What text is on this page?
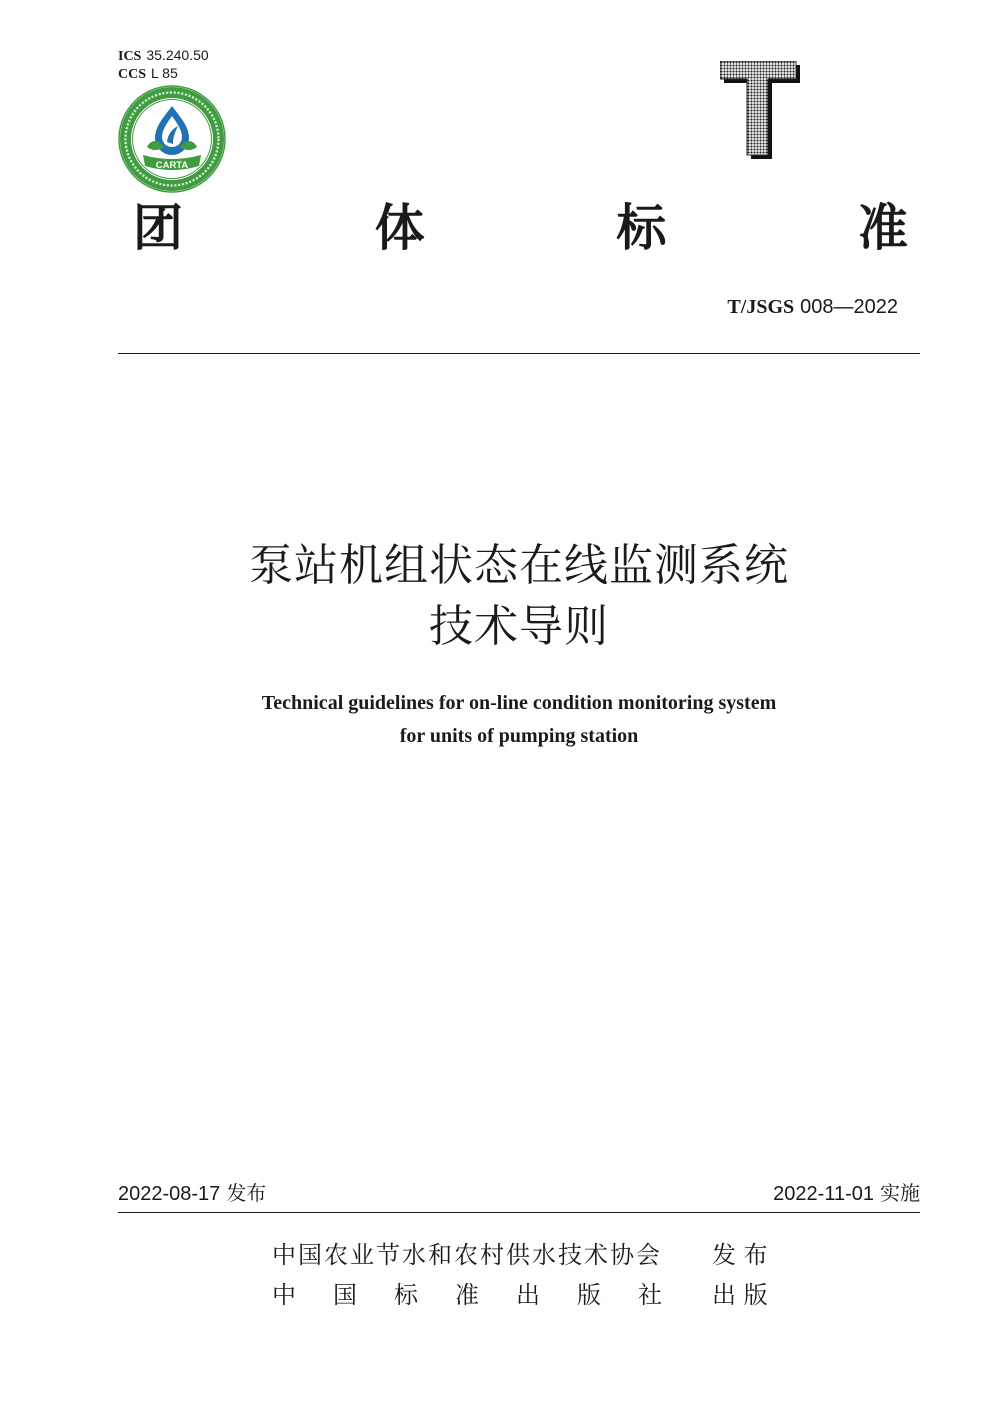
ICS 35.240.50
CCS L 85
CARTA
团 体 标 准
T/JSGS 008—2022
泵站机组状态在线监测系统
技术导则
Technical guidelines for on-line condition monitoring system
for units of pumping station
2022-08-17 发布	2022-11-01 实施
中国农业节水和农村供水技术协会 发 布
中 国 标 准 出 版 社 出 版
